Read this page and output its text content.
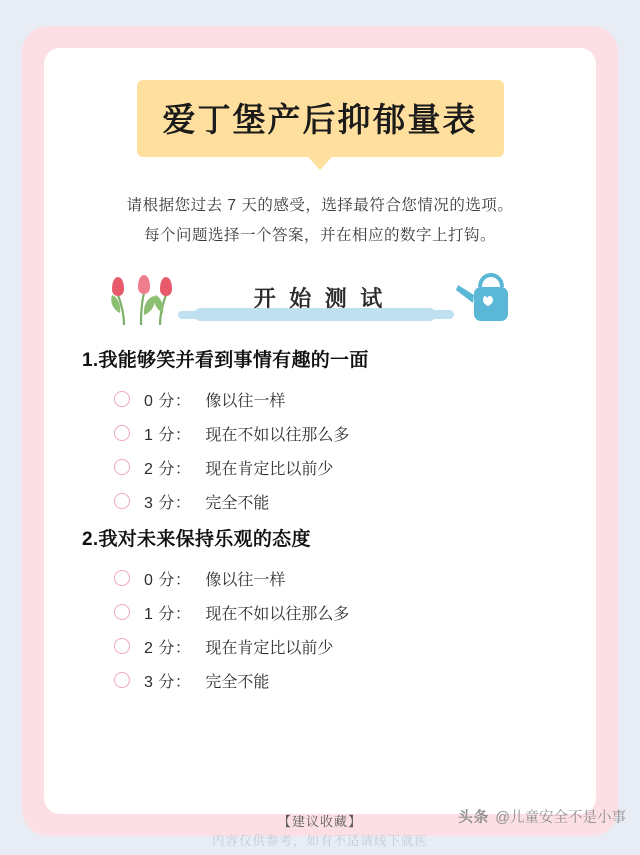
爱丁堡产后抑郁量表
请根据您过去 7 天的感受，选择最符合您情况的选项。
每个问题选择一个答案，并在相应的数字上打钩。
开 始 测 试
1.我能够笑并看到事情有趣的一面
0 分： 像以往一样
1 分： 现在不如以往那么多
2 分： 现在肯定比以前少
3 分： 完全不能
2.我对未来保持乐观的态度
0 分： 像以往一样
1 分： 现在不如以往那么多
2 分： 现在肯定比以前少
3 分： 完全不能
【建议收藏】
内容仅供参考，如有不适请线下就医
头条 @儿童安全不是小事
